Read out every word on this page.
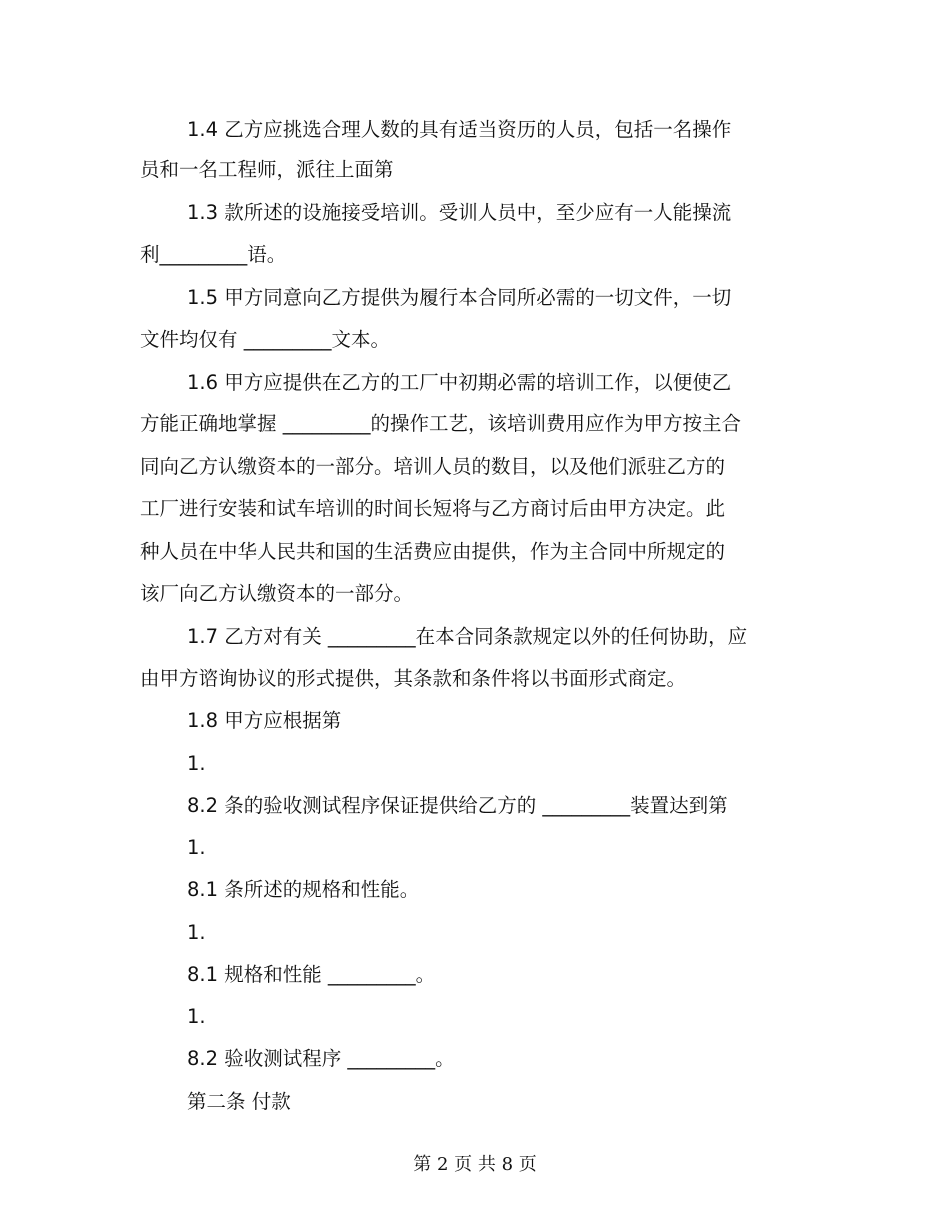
1.4 乙方应挑选合理人数的具有适当资历的人员，包括一名操作
员和一名工程师，派往上面第
1.3 款所述的设施接受培训。受训人员中，至少应有一人能操流
利_________语。
1.5 甲方同意向乙方提供为履行本合同所必需的一切文件，一切
文件均仅有 _________文本。
1.6 甲方应提供在乙方的工厂中初期必需的培训工作，以便使乙
方能正确地掌握 _________的操作工艺，该培训费用应作为甲方按主合
同向乙方认缴资本的一部分。培训人员的数目，以及他们派驻乙方的
工厂进行安装和试车培训的时间长短将与乙方商讨后由甲方决定。此
种人员在中华人民共和国的生活费应由提供，作为主合同中所规定的
该厂向乙方认缴资本的一部分。
1.7 乙方对有关 _________在本合同条款规定以外的任何协助，应
由甲方谘询协议的形式提供，其条款和条件将以书面形式商定。
1.8 甲方应根据第
1.
8.2 条的验收测试程序保证提供给乙方的 _________装置达到第
1.
8.1 条所述的规格和性能。
1.
8.1 规格和性能 _________。
1.
8.2 验收测试程序 _________。
第二条 付款
第 2 页 共 8 页
